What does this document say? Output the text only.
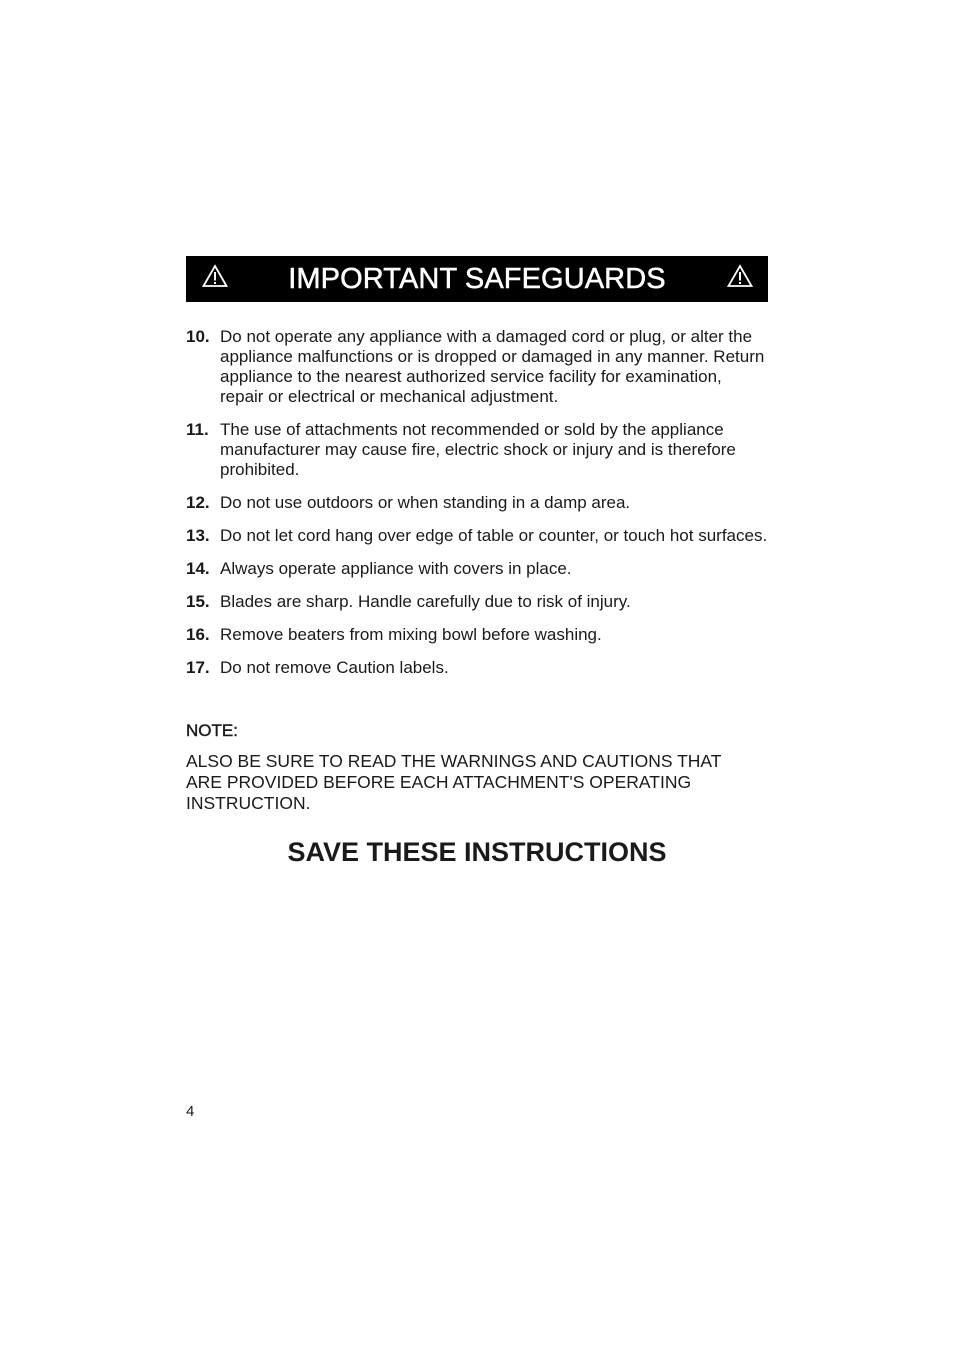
IMPORTANT SAFEGUARDS
10. Do not operate any appliance with a damaged cord or plug, or alter the appliance malfunctions or is dropped or damaged in any manner. Return appliance to the nearest authorized service facility for examination, repair or electrical or mechanical adjustment.
11. The use of attachments not recommended or sold by the appliance manufacturer may cause fire, electric shock or injury and is therefore prohibited.
12. Do not use outdoors or when standing in a damp area.
13. Do not let cord hang over edge of table or counter, or touch hot surfaces.
14. Always operate appliance with covers in place.
15. Blades are sharp. Handle carefully due to risk of injury.
16. Remove beaters from mixing bowl before washing.
17. Do not remove Caution labels.
NOTE:
ALSO BE SURE TO READ THE WARNINGS AND CAUTIONS THAT ARE PROVIDED BEFORE EACH ATTACHMENT'S OPERATING INSTRUCTION.
SAVE THESE INSTRUCTIONS
4
